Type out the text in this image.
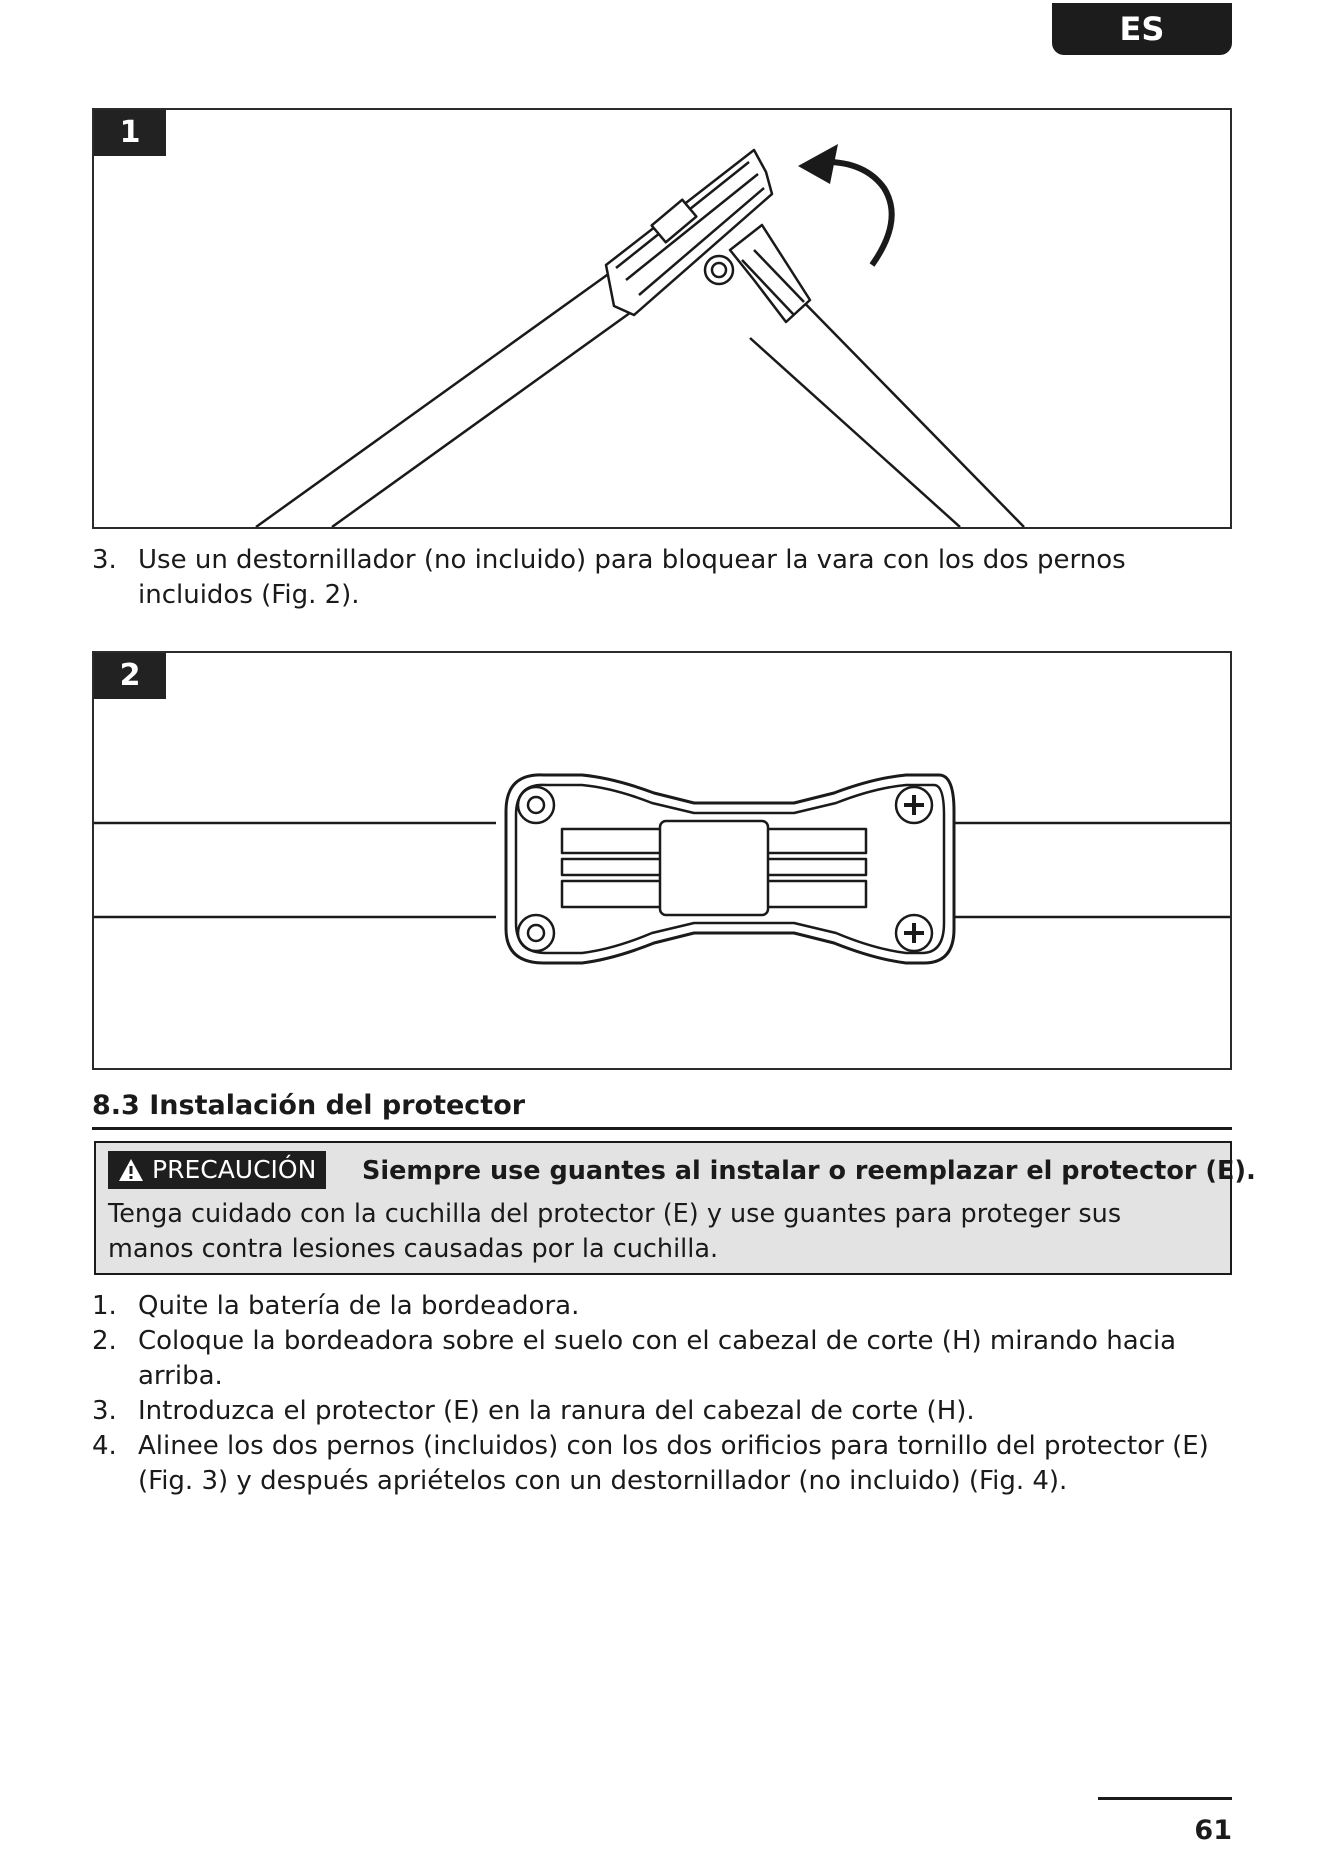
ES
1
3. Use un destornillador (no incluido) para bloquear la vara con los dos pernos incluidos (Fig. 2).
2
8.3 Instalación del protector
PRECAUCIÓN Siempre use guantes al instalar o reemplazar el protector (E).
Tenga cuidado con la cuchilla del protector (E) y use guantes para proteger sus manos contra lesiones causadas por la cuchilla.
1. Quite la batería de la bordeadora.
2. Coloque la bordeadora sobre el suelo con el cabezal de corte (H) mirando hacia arriba.
3. Introduzca el protector (E) en la ranura del cabezal de corte (H).
4. Alinee los dos pernos (incluidos) con los dos orificios para tornillo del protector (E) (Fig. 3) y después apriételos con un destornillador (no incluido) (Fig. 4).
61
